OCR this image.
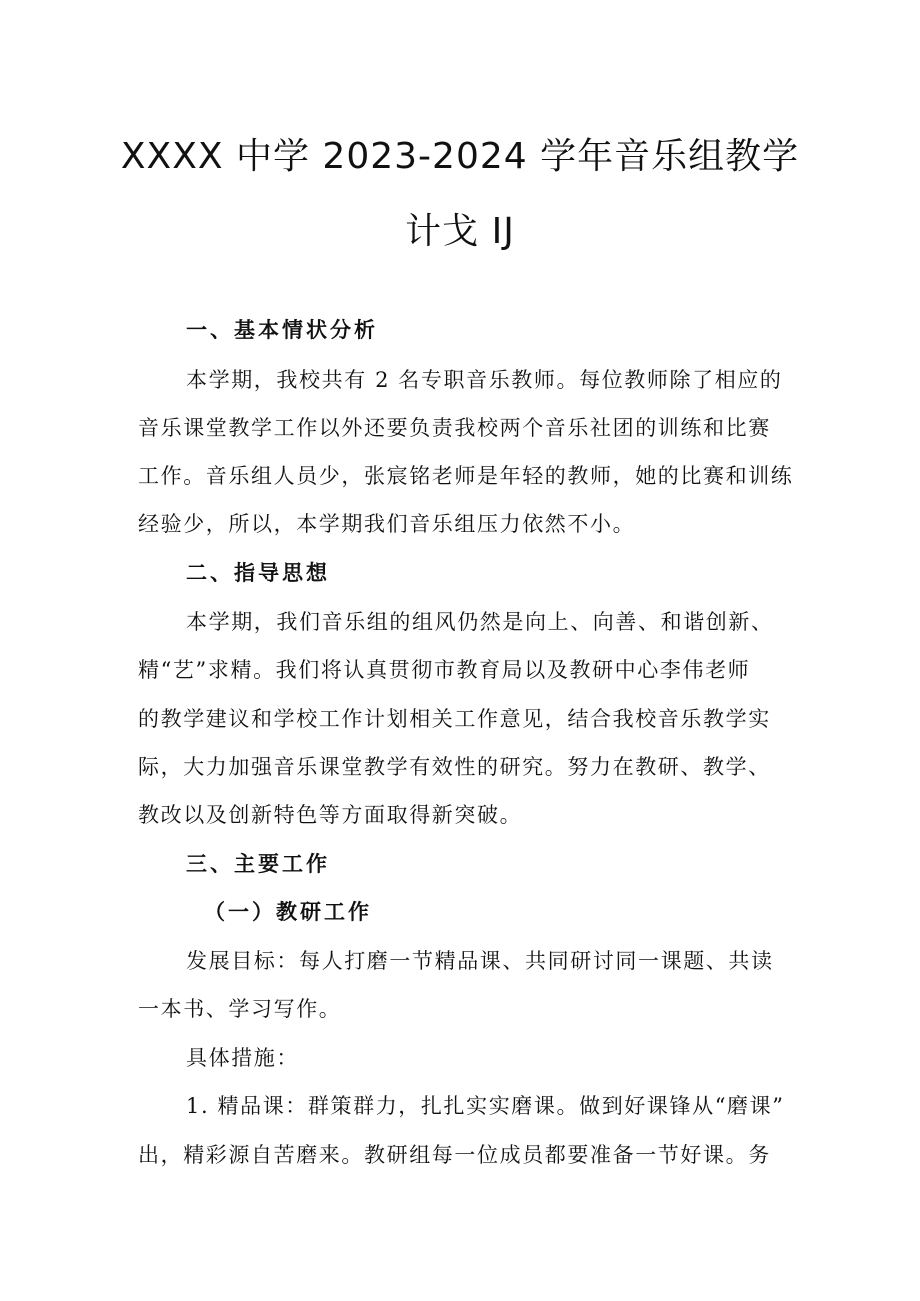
XXXX 中学 2023-2024 学年音乐组教学
计戈 IJ
一、基本情状分析
本学期，我校共有 2 名专职音乐教师。每位教师除了相应的
音乐课堂教学工作以外还要负责我校两个音乐社团的训练和比赛
工作。音乐组人员少，张宸铭老师是年轻的教师，她的比赛和训练
经验少，所以，本学期我们音乐组压力依然不小。
二、指导思想
本学期，我们音乐组的组风仍然是向上、向善、和谐创新、
精“艺”求精。我们将认真贯彻市教育局以及教研中心李伟老师
的教学建议和学校工作计划相关工作意见，结合我校音乐教学实
际，大力加强音乐课堂教学有效性的研究。努力在教研、教学、
教改以及创新特色等方面取得新突破。
三、主要工作
（一）教研工作
发展目标：每人打磨一节精品课、共同研讨同一课题、共读
一本书、学习写作。
具体措施：
1. 精品课：群策群力，扎扎实实磨课。做到好课锋从“磨课”
出，精彩源自苦磨来。教研组每一位成员都要准备一节好课。务
